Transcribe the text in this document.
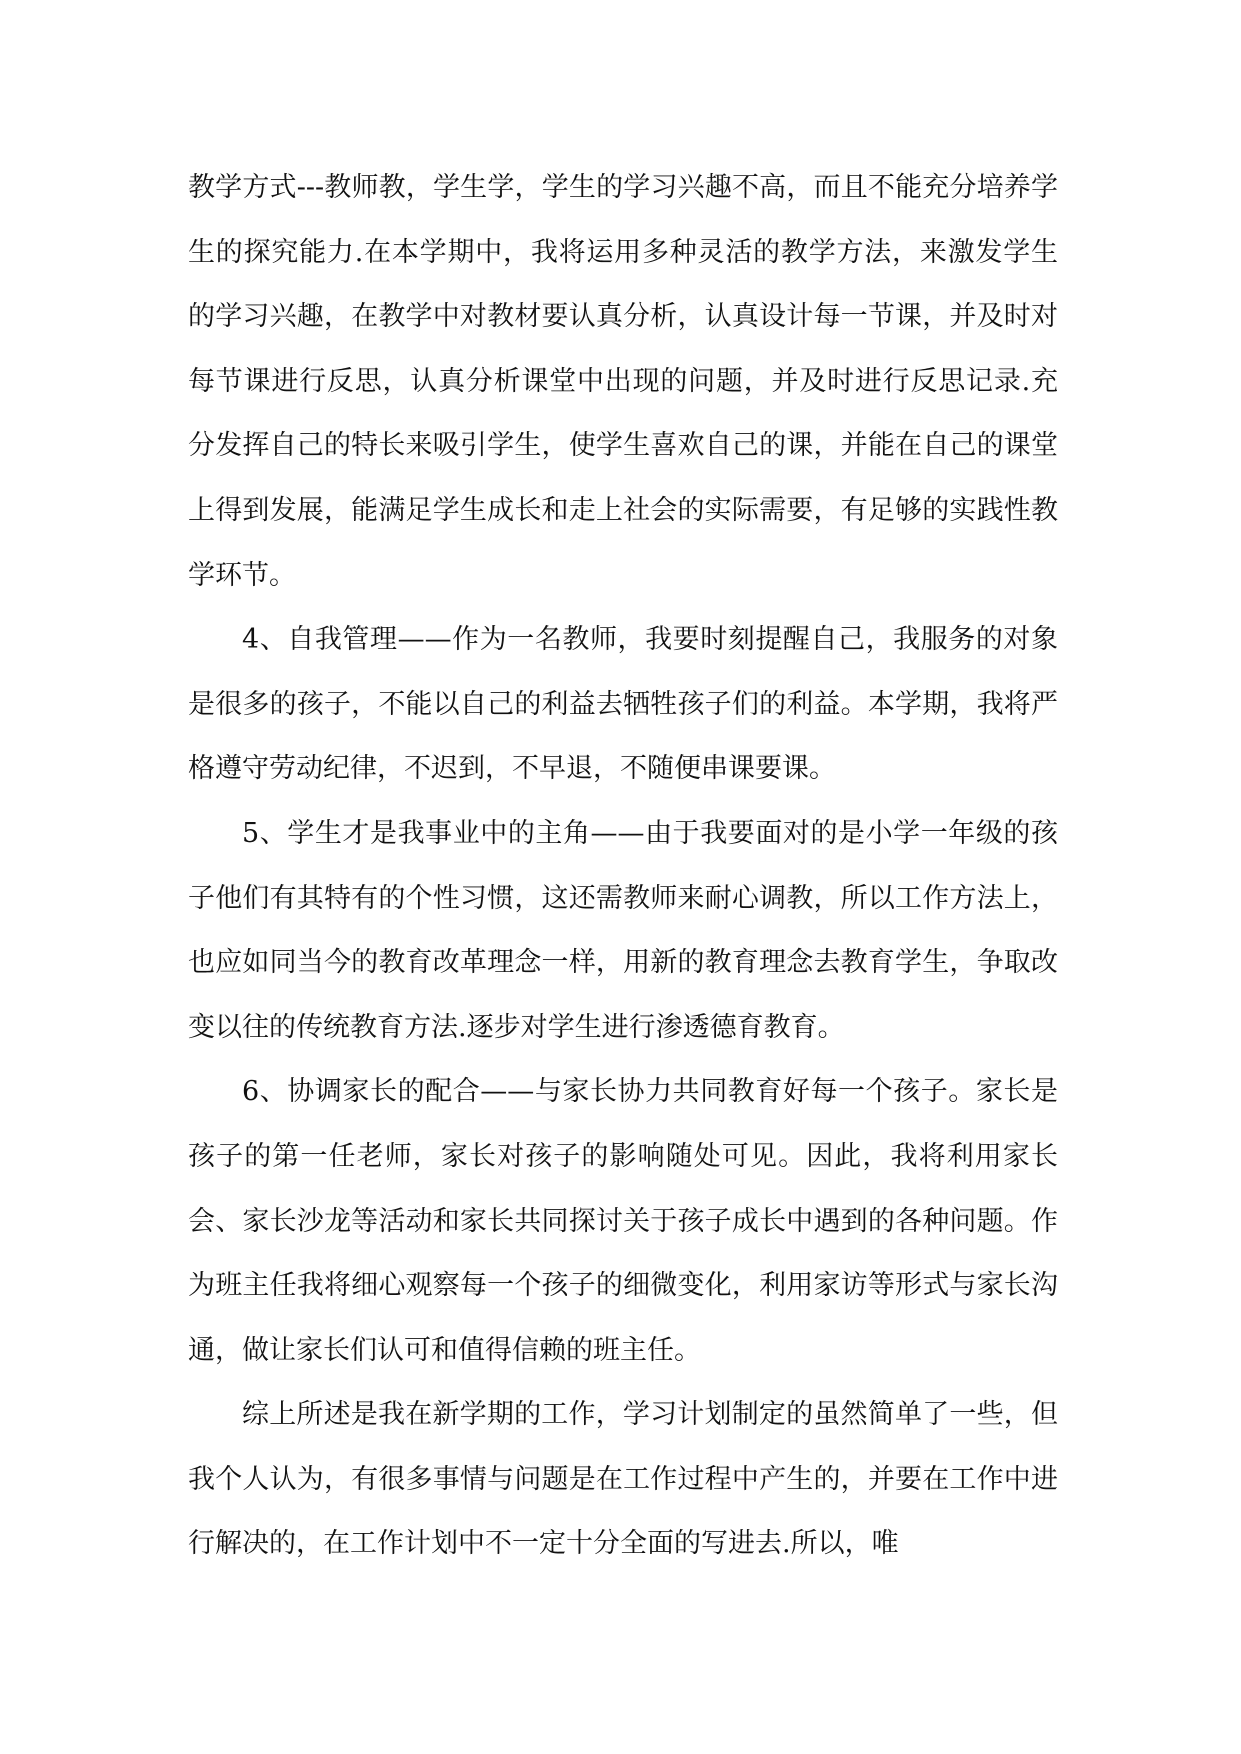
教学方式---教师教，学生学，学生的学习兴趣不高，而且不能充分培养学生的探究能力.在本学期中，我将运用多种灵活的教学方法，来激发学生的学习兴趣，在教学中对教材要认真分析，认真设计每一节课，并及时对每节课进行反思，认真分析课堂中出现的问题，并及时进行反思记录.充分发挥自己的特长来吸引学生，使学生喜欢自己的课，并能在自己的课堂上得到发展，能满足学生成长和走上社会的实际需要，有足够的实践性教学环节。

4、自我管理——作为一名教师，我要时刻提醒自己，我服务的对象是很多的孩子，不能以自己的利益去牺牲孩子们的利益。本学期，我将严格遵守劳动纪律，不迟到，不早退，不随便串课要课。

5、学生才是我事业中的主角——由于我要面对的是小学一年级的孩子他们有其特有的个性习惯，这还需教师来耐心调教，所以工作方法上，也应如同当今的教育改革理念一样，用新的教育理念去教育学生，争取改变以往的传统教育方法.逐步对学生进行渗透德育教育。

6、协调家长的配合——与家长协力共同教育好每一个孩子。家长是孩子的第一任老师，家长对孩子的影响随处可见。因此，我将利用家长会、家长沙龙等活动和家长共同探讨关于孩子成长中遇到的各种问题。作为班主任我将细心观察每一个孩子的细微变化，利用家访等形式与家长沟通，做让家长们认可和值得信赖的班主任。

综上所述是我在新学期的工作，学习计划制定的虽然简单了一些，但我个人认为，有很多事情与问题是在工作过程中产生的，并要在工作中进行解决的，在工作计划中不一定十分全面的写进去.所以，唯
